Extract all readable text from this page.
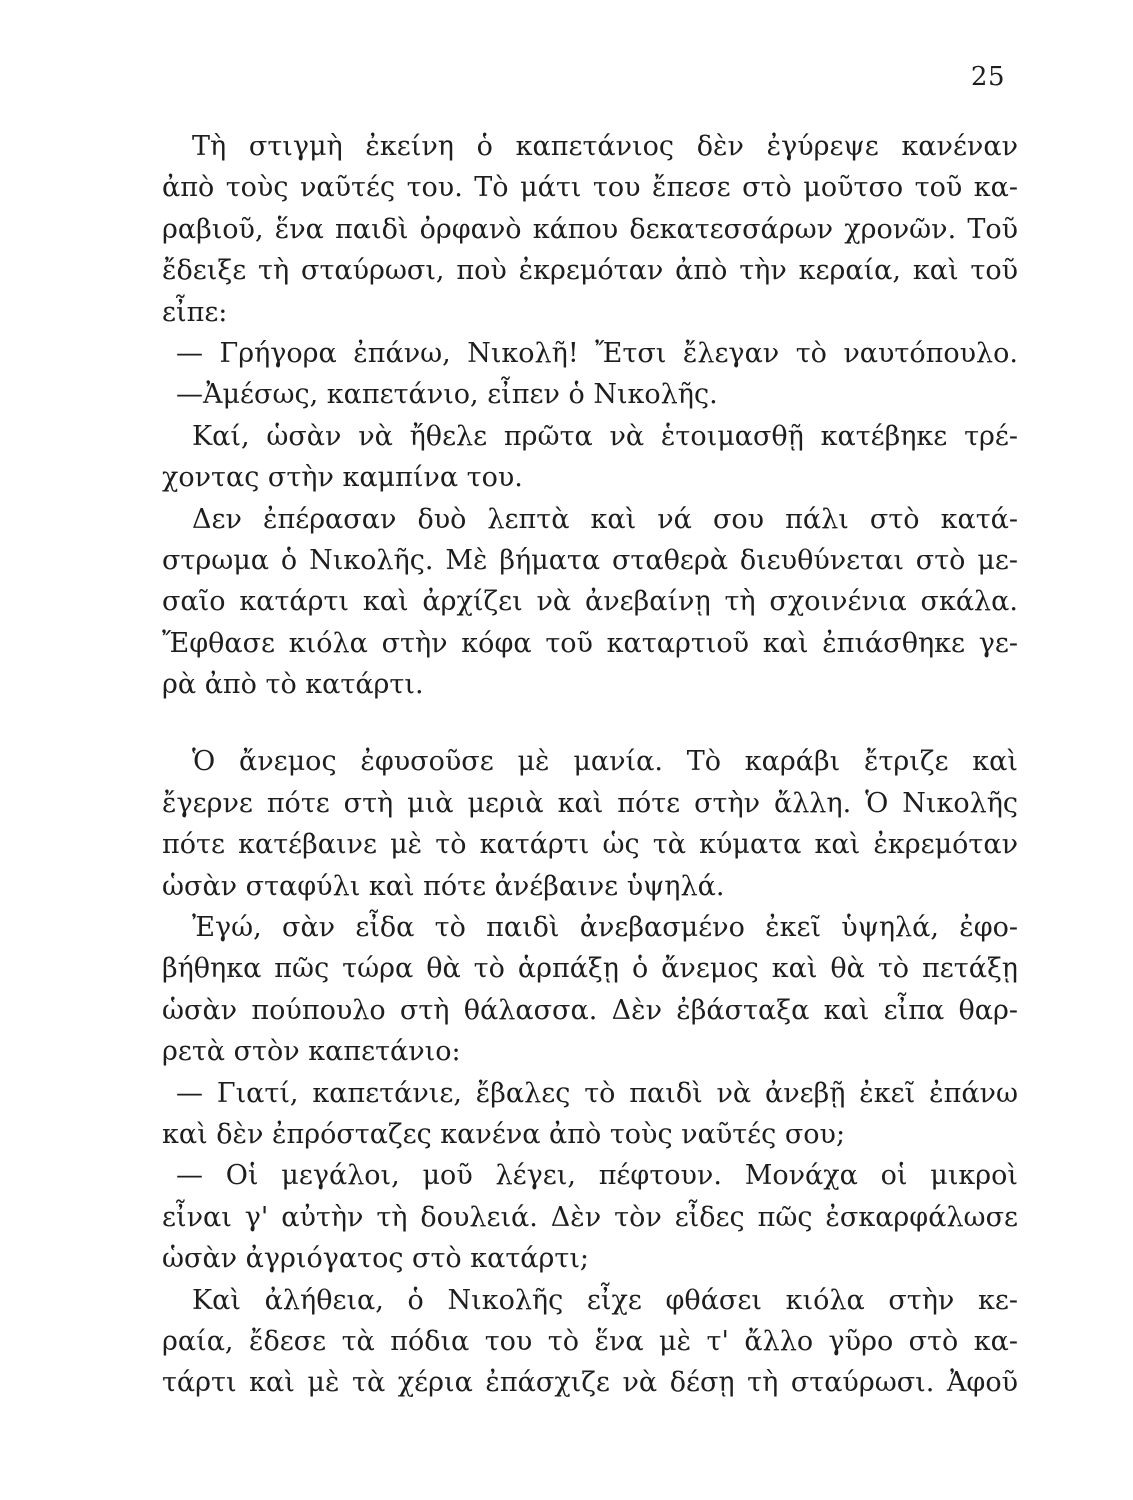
25
Τὴ στιγμὴ ἐκείνη ὁ καπετάνιος δὲν ἐγύρεψε κανέναν
ἀπὸ τοὺς ναῦτές του. Τὸ μάτι του ἔπεσε στὸ μοῦτσο τοῦ κα-
ραβιοῦ, ἕνα παιδὶ ὀρφανὸ κάπου δεκατεσσάρων χρονῶν. Τοῦ
ἔδειξε τὴ σταύρωσι, ποὺ ἐκρεμόταν ἀπὸ τὴν κεραία, καὶ τοῦ
εἶπε:
— Γρήγορα ἐπάνω, Νικολῆ! Ἔτσι ἔλεγαν τὸ ναυτόπουλο.
—Ἀμέσως, καπετάνιο, εἶπεν ὁ Νικολῆς.
Καί, ὡσὰν νὰ ἤθελε πρῶτα νὰ ἑτοιμασθῇ κατέβηκε τρέ-
χοντας στὴν καμπίνα του.
Δεν ἐπέρασαν δυὸ λεπτὰ καὶ νά σου πάλι στὸ κατά-
στρωμα ὁ Νικολῆς. Μὲ βήματα σταθερὰ διευθύνεται στὸ με-
σαῖο κατάρτι καὶ ἀρχίζει νὰ ἀνεβαίνῃ τὴ σχοινένια σκάλα.
Ἔφθασε κιόλα στὴν κόφα τοῦ καταρτιοῦ καὶ ἐπιάσθηκε γε-
ρὰ ἀπὸ τὸ κατάρτι.
Ὁ ἄνεμος ἐφυσοῦσε μὲ μανία. Τὸ καράβι ἔτριζε καὶ
ἔγερνε πότε στὴ μιὰ μεριὰ καὶ πότε στὴν ἄλλη. Ὁ Νικολῆς
πότε κατέβαινε μὲ τὸ κατάρτι ὡς τὰ κύματα καὶ ἐκρεμόταν
ὡσὰν σταφύλι καὶ πότε ἀνέβαινε ὑψηλά.
Ἐγώ, σὰν εἶδα τὸ παιδὶ ἀνεβασμένο ἐκεῖ ὑψηλά, ἐφο-
βήθηκα πῶς τώρα θὰ τὸ ἁρπάξῃ ὁ ἄνεμος καὶ θὰ τὸ πετάξῃ
ὡσὰν πούπουλο στὴ θάλασσα. Δὲν ἐβάσταξα καὶ εἶπα θαρ-
ρετὰ στὸν καπετάνιο:
— Γιατί, καπετάνιε, ἔβαλες τὸ παιδὶ νὰ ἀνεβῇ ἐκεῖ ἐπάνω
καὶ δὲν ἐπρόσταζες κανένα ἀπὸ τοὺς ναῦτές σου;
— Οἱ μεγάλοι, μοῦ λέγει, πέφτουν. Μονάχα οἱ μικροὶ
εἶναι γ' αὐτὴν τὴ δουλειά. Δὲν τὸν εἶδες πῶς ἐσκαρφάλωσε
ὡσὰν ἀγριόγατος στὸ κατάρτι;
Καὶ ἀλήθεια, ὁ Νικολῆς εἶχε φθάσει κιόλα στὴν κε-
ραία, ἔδεσε τὰ πόδια του τὸ ἕνα μὲ τ' ἄλλο γῦρο στὸ κα-
τάρτι καὶ μὲ τὰ χέρια ἐπάσχιζε νὰ δέσῃ τὴ σταύρωσι. Ἀφοῦ
